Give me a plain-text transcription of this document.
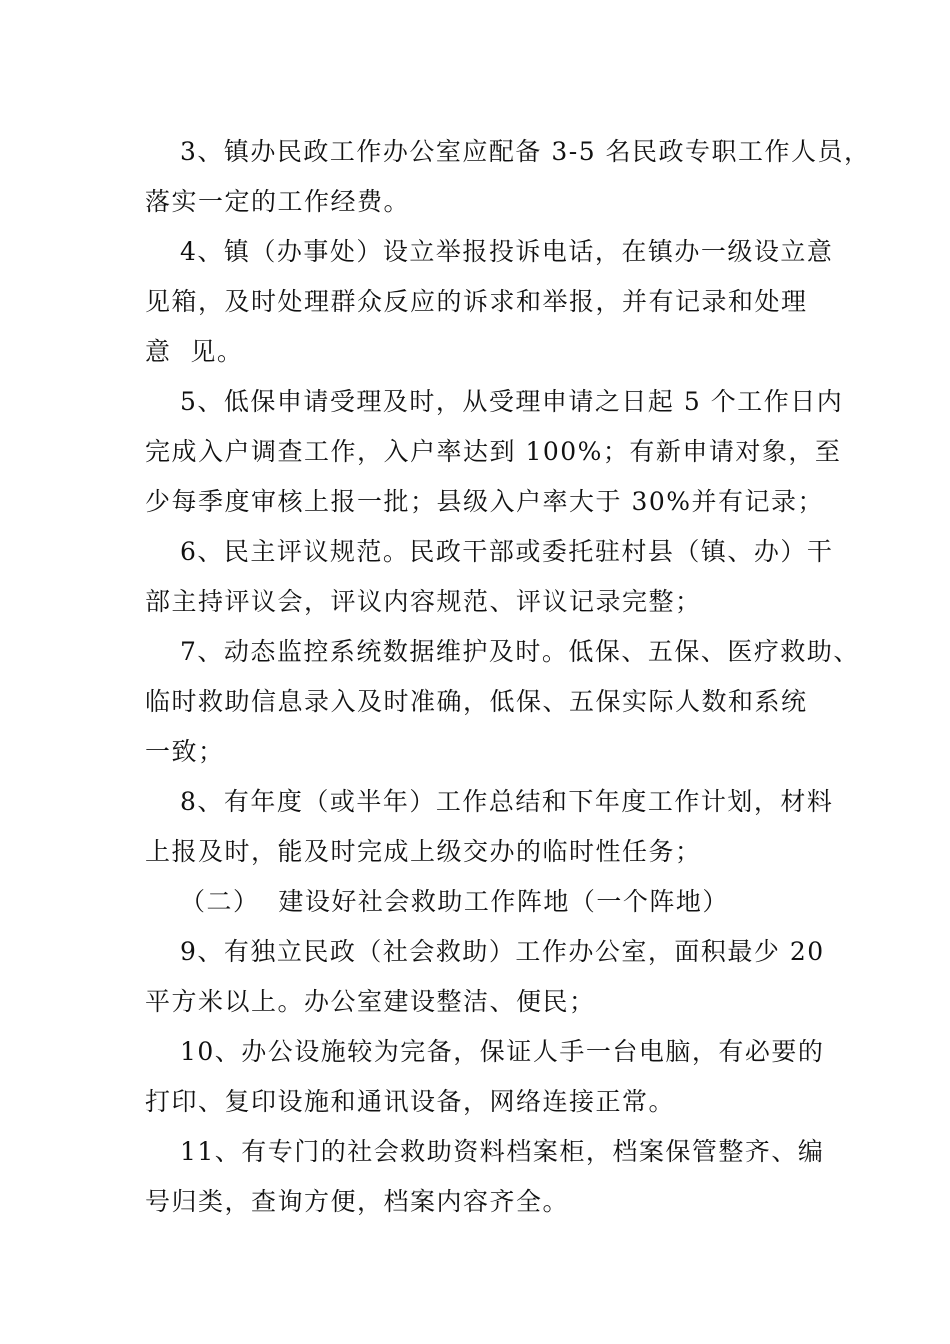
3、镇办民政工作办公室应配备 3-5 名民政专职工作人员，
落实一定的工作经费。
4、镇（办事处）设立举报投诉电话，在镇办一级设立意
见箱，及时处理群众反应的诉求和举报，并有记录和处理
意  见。
5、低保申请受理及时，从受理申请之日起 5 个工作日内
完成入户调查工作，入户率达到 100%；有新申请对象，至
少每季度审核上报一批；县级入户率大于 30%并有记录；
6、民主评议规范。民政干部或委托驻村县（镇、办）干
部主持评议会，评议内容规范、评议记录完整；
7、动态监控系统数据维护及时。低保、五保、医疗救助、
临时救助信息录入及时准确，低保、五保实际人数和系统
一致；
8、有年度（或半年）工作总结和下年度工作计划，材料
上报及时，能及时完成上级交办的临时性任务；
（二）  建设好社会救助工作阵地（一个阵地）
9、有独立民政（社会救助）工作办公室，面积最少 20
平方米以上。办公室建设整洁、便民；
10、办公设施较为完备，保证人手一台电脑，有必要的
打印、复印设施和通讯设备，网络连接正常。
11、有专门的社会救助资料档案柜，档案保管整齐、编
号归类，查询方便，档案内容齐全。
